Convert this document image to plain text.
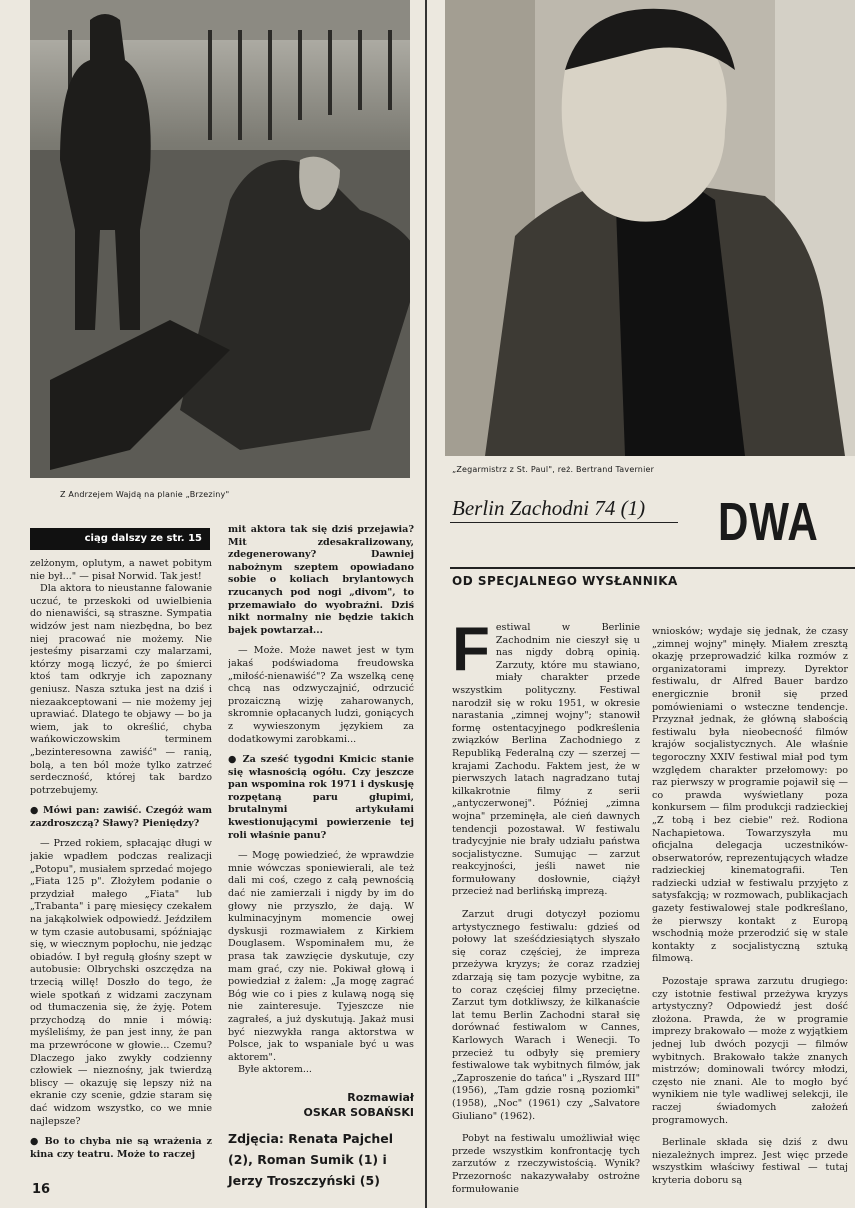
Z Andrzejem Wajdą na planie „Brzeziny"
„Zegarmistrz z St. Paul", reż. Bertrand Tavernier
ciąg dalszy ze str. 15

zelżonym, oplutym, a nawet pobitym nie był..." — pisał Norwid. Tak jest!

Dla aktora to nieustanne falowanie uczuć, te przeskoki od uwielbienia do nienawiści, są straszne. Sympatia widzów jest nam niezbędna, bo bez niej pracować nie możemy. Nie jesteśmy pisarzami czy malarzami, którzy mogą liczyć, że po śmierci ktoś tam odkryje ich zapoznany geniusz. Nasza sztuka jest na dziś i niezaakceptowani — nie możemy jej uprawiać. Dlatego te objawy — bo ja wiem, jak to określić, chyba wańkowiczowskim terminem „bezinteresowna zawiść" — ranią, bolą, a ten ból może tylko zatrzeć serdeczność, której tak bardzo potrzebujemy.

● Mówi pan: zawiść. Czegóż wam zazdroszczą? Sławy? Pieniędzy?

— Przed rokiem, spłacając długi w jakie wpadłem podczas realizacji „Potopu", musiałem sprzedać mojego „Fiata 125 p". Złożyłem podanie o przydział małego „Fiata" lub „Trabanta" i parę miesięcy czekałem na jakąkolwiek odpowiedź. Jeździłem w tym czasie autobusami, spóźniając się, w wiecznym popłochu, nie jedząc obiadów. I był regułą głośny szept w autobusie: Olbrychski oszczędza na trzecią willę! Doszło do tego, że wiele spotkań z widzami zaczynam od tłumaczenia się, że żyję. Potem przychodzą do mnie i mówią: myśleliśmy, że pan jest inny, że pan ma przewrócone w głowie... Czemu? Dlaczego jako zwykły codzienny człowiek — nieznośny, jak twierdzą bliscy — okazuję się lepszy niż na ekranie czy scenie, gdzie staram się dać widzom wszystko, co we mnie najlepsze?

● Bo to chyba nie są wrażenia z kina czy teatru. Może to raczej

mit aktora tak się dziś przejawia? Mit zdesakralizowany, zdegenerowany? Dawniej nabożnym szeptem opowiadano sobie o koliach brylantowych rzucanych pod nogi „divom", to przemawiało do wyobraźni. Dziś nikt normalny nie będzie takich bajek powtarzał...

— Może. Może nawet jest w tym jakaś podświadoma freudowska „miłość-nienawiść"? Za wszelką cenę chcą nas odzwyczajnić, odrzucić prozaiczną wizję zaharowanych, skromnie opłacanych ludzi, goniących z wywieszonym językiem za dodatkowymi zarobkami...

● Za sześć tygodni Kmicic stanie się własnością ogółu. Czy jeszcze pan wspomina rok 1971 i dyskusję rozpętaną paru głupimi, brutalnymi artykułami kwestionującymi powierzenie tej roli właśnie panu?

— Mogę powiedzieć, że wprawdzie mnie wówczas sponiewierali, ale też dali mi coś, czego z całą pewnością dać nie zamierzali i nigdy by im do głowy nie przyszło, że dają. W kulminacyjnym momencie owej dyskusji rozmawiałem z Kirkiem Douglasem. Wspominałem mu, że prasa tak zawzięcie dyskutuje, czy mam grać, czy nie. Pokiwał głową i powiedział z żalem: „Ja mogę zagrać Bóg wie co i pies z kulawą nogą się nie zainteresuje. Tyjeszcze nie zagrałeś, a już dyskutują. Jakaż musi być niezwykła ranga aktorstwa w Polsce, jak to wspaniale być u was aktorem".

Byłe aktorem...

Rozmawiał
OSKAR SOBAŃSKI
Zdjęcia: Renata Pajchel (2), Roman Sumik (1) i Jerzy Troszczyński (5)
16
Berlin Zachodni 74 (1) DWA
OD SPECJALNEGO WYSŁANNIKA
F estiwal w Berlinie Zachodnim nie cieszył się u nas nigdy dobrą opinią. Zarzuty, które mu stawiano, miały charakter przede wszystkim polityczny. Festiwal narodził się w roku 1951, w okresie narastania „zimnej wojny"; stanowił formę ostentacyjnego podkreślenia związków Berlina Zachodniego z Republiką Federalną czy — szerzej — krajami Zachodu. Faktem jest, że w pierwszych latach nagradzano tutaj kilkakrotnie filmy z serii „antyczerwonej". Później „zimna wojna" przeminęła, ale cień dawnych tendencji pozostawał. W festiwalu tradycyjnie nie brały udziału państwa socjalistyczne. Sumując — zarzut reakcyjności, jeśli nawet nie formułowany dosłownie, ciążył przecież nad berlińską imprezą.

Zarzut drugi dotyczył poziomu artystycznego festiwalu: gdzieś od połowy lat sześćdziesiątych słyszało się coraz częściej, że impreza przeżywa kryzys; że coraz rzadziej zdarzają się tam pozycje wybitne, za to coraz częściej filmy przeciętne. Zarzut tym dotkliwszy, że kilkanaście lat temu Berlin Zachodni starał się dorównać festiwalom w Cannes, Karlowych Warach i Wenecji. To przecież tu odbyły się premiery festiwalowe tak wybitnych filmów, jak „Zaproszenie do tańca" i „Ryszard III" (1956), „Tam gdzie rosną poziomki" (1958), „Noc" (1961) czy „Salvatore Giuliano" (1962).

Pobyt na festiwalu umożliwiał więc przede wszystkim konfrontację tych zarzutów z rzeczywistością. Wynik? Przezornośc nakazywałaby ostrożne formułowanie

wniosków; wydaje się jednak, że czasy „zimnej wojny" minęły. Miałem zresztą okazję przeprowadzić kilka rozmów z organizatorami imprezy. Dyrektor festiwalu, dr Alfred Bauer bardzo energicznie bronił się przed pomówieniami o wsteczne tendencje. Przyznał jednak, że główną słabością festiwalu była nieobecność filmów krajów socjalistycznych. Ale właśnie tegoroczny XXIV festiwal miał pod tym względem charakter przełomowy: po raz pierwszy w programie pojawił się — co prawda wyświetlany poza konkursem — film produkcji radzieckiej „Z tobą i bez ciebie" reż. Rodiona Nachapietowa. Towarzyszyła mu oficjalna delegacja uczestników-obserwatorów, reprezentujących władze radzieckiej kinematografii. Ten radziecki udział w festiwalu przyjęto z satysfakcją; w rozmowach, publikacjach gazety festiwalowej stale podkreślano, że pierwszy kontakt z Europą wschodnią może przerodzić się w stale kontakty z socjalistyczną sztuką filmową.

Pozostaje sprawa zarzutu drugiego: czy istotnie festiwal przeżywa kryzys artystyczny? Odpowiedź jest dość złożona. Prawda, że w programie imprezy brakowało — może z wyjątkiem jednej lub dwóch pozycji — filmów wybitnych. Brakowało także znanych mistrzów; dominowali twórcy młodzi, często nie znani. Ale to mogło być wynikiem nie tyle wadliwej selekcji, ile raczej świadomych założeń programowych.

Berlinale składa się dziś z dwu niezależnych imprez. Jest więc przede wszystkim właściwy festiwal — tutaj kryteria doboru są
